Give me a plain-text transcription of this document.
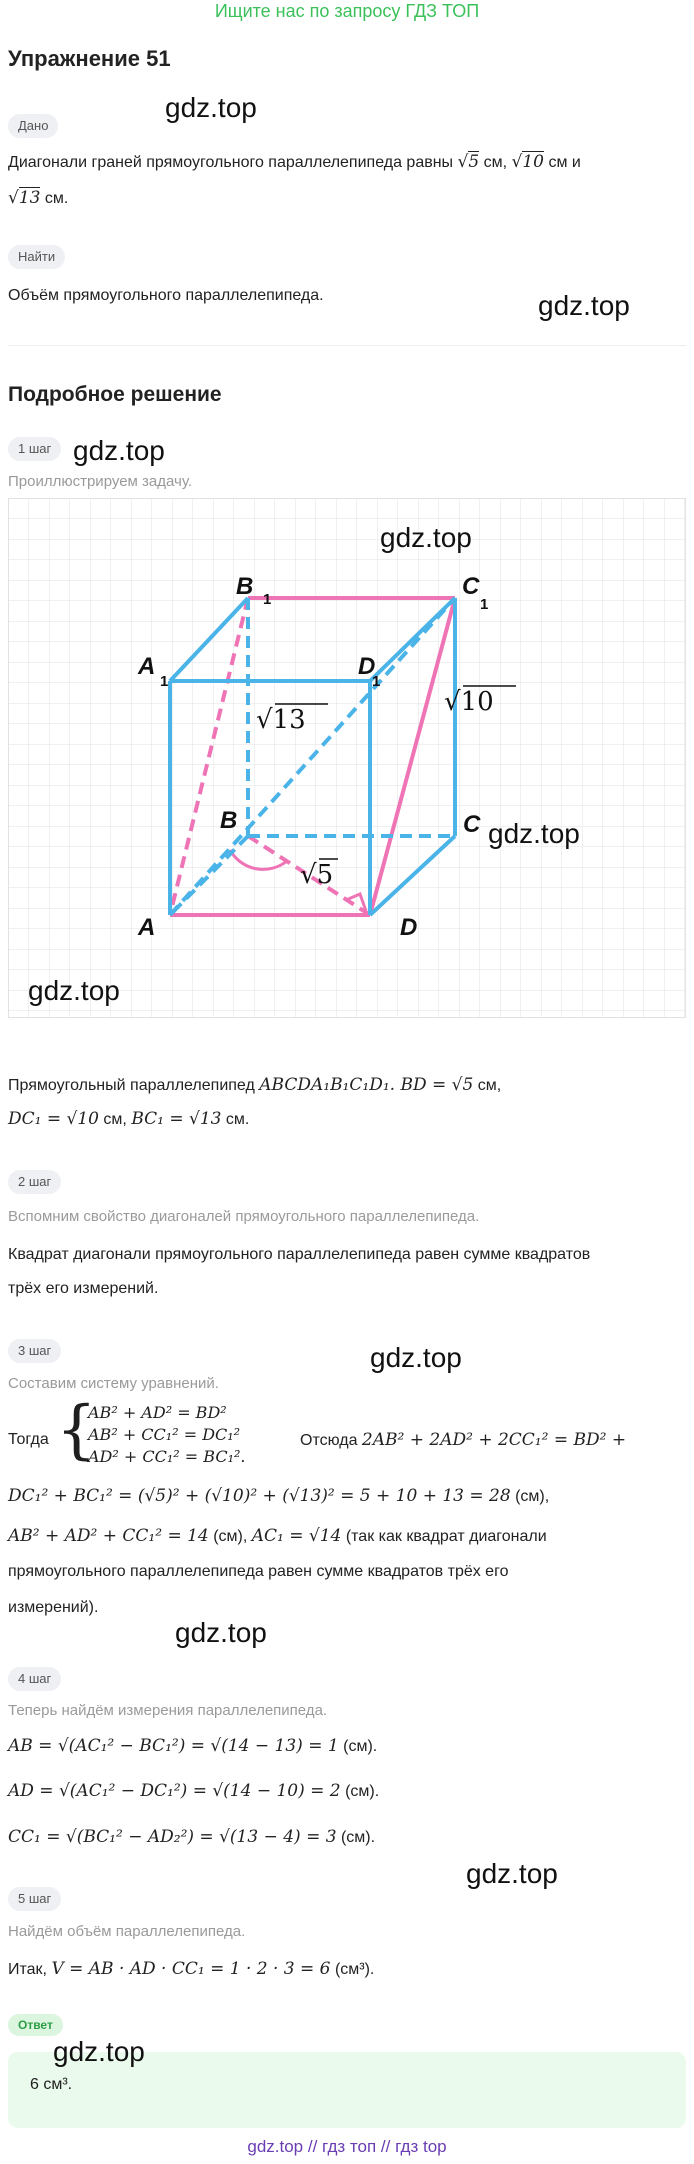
Ищите нас по запросу ГДЗ ТОП
Упражнение 51
gdz.top
Дано
Диагонали граней прямоугольного параллелепипеда равны √5 см, √10 см и
√13 см.
Найти
Объём прямоугольного параллелепипеда.	gdz.top
Подробное решение
1 шаг gdz.top
Проиллюстрируем задачу.
B	C
A	D
B	C
A	D
1	1
1	1
√13
√10
√5
gdz.top
gdz.top
gdz.top
Прямоугольный параллелепипед ABCDA₁B₁C₁D₁. BD = √5 см,
DC₁ = √10 см, BC₁ = √13 см.
2 шаг
Вспомним свойство диагоналей прямоугольного параллелепипеда.
Квадрат диагонали прямоугольного параллелепипеда равен сумме квадратов
трёх его измерений.
3 шаг	gdz.top
Составим систему уравнений.
Тогда {
AB² + AD² = BD²
AB² + CC₁² = DC₁²
AD² + CC₁² = BC₁².
Отсюда 2AB² + 2AD² + 2CC₁² = BD² +
DC₁² + BC₁² = (√5)² + (√10)² + (√13)² = 5 + 10 + 13 = 28 (см),
AB² + AD² + CC₁² = 14 (см), AC₁ = √14 (так как квадрат диагонали
прямоугольного параллелепипеда равен сумме квадратов трёх его
измерений).
gdz.top
4 шаг
Теперь найдём измерения параллелепипеда.
AB = √(AC₁² − BC₁²) = √(14 − 13) = 1 (см).
AD = √(AC₁² − DC₁²) = √(14 − 10) = 2 (см).
CC₁ = √(BC₁² − AD₂²) = √(13 − 4) = 3 (см).
gdz.top
5 шаг
Найдём объём параллелепипеда.
Итак, V = AB · AD · CC₁ = 1 · 2 · 3 = 6 (см³).
Ответ
gdz.top
6 см³.
gdz.top // гдз топ // гдз top
